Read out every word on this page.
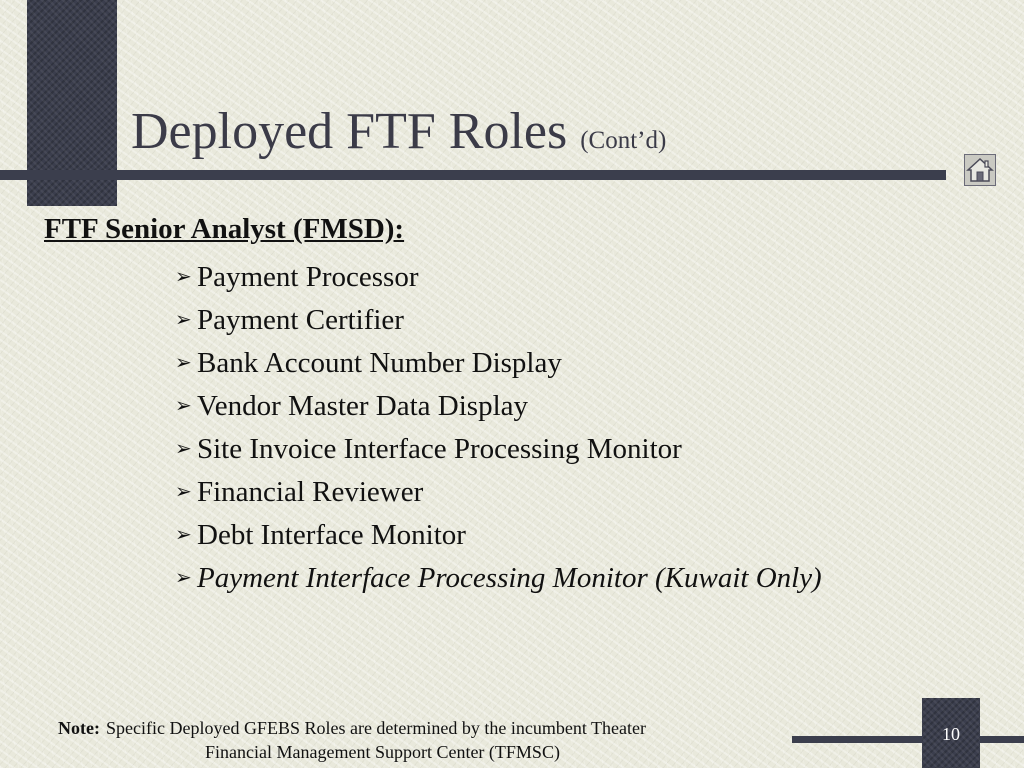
Deployed FTF Roles (Cont’d)
FTF Senior Analyst (FMSD):
➢ Payment Processor
➢ Payment Certifier
➢ Bank Account Number Display
➢ Vendor Master Data Display
➢ Site Invoice Interface Processing Monitor
➢ Financial Reviewer
➢ Debt Interface Monitor
➢ Payment Interface Processing Monitor (Kuwait Only)
Note: Specific Deployed GFEBS Roles are determined by the incumbent Theater
Financial Management Support Center (TFMSC)
10
